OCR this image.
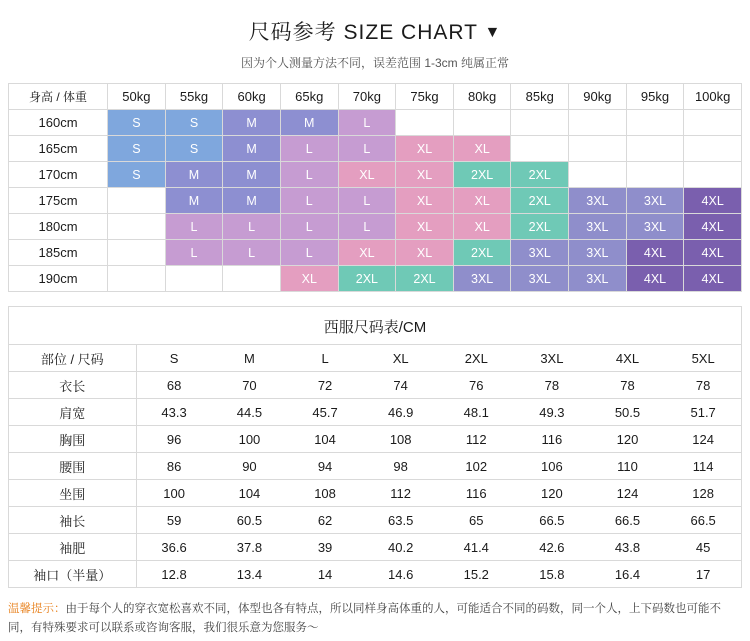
尺码参考 SIZE CHART ▼
因为个人测量方法不同，误差范围 1-3cm 纯属正常
身高 / 体重	50kg	55kg	60kg	65kg	70kg	75kg	80kg	85kg	90kg	95kg	100kg
160cm	S	S	M	M	L						
165cm	S	S	M	L	L	XL	XL				
170cm	S	M	M	L	XL	XL	2XL	2XL			
175cm		M	M	L	L	XL	XL	2XL	3XL	3XL	4XL
180cm		L	L	L	L	XL	XL	2XL	3XL	3XL	4XL
185cm		L	L	L	XL	XL	2XL	3XL	3XL	4XL	4XL
190cm				XL	2XL	2XL	3XL	3XL	3XL	4XL	4XL
西服尺码表/CM
部位 / 尺码	S	M	L	XL	2XL	3XL	4XL	5XL
衣长	68	70	72	74	76	78	78	78
肩宽	43.3	44.5	45.7	46.9	48.1	49.3	50.5	51.7
胸围	96	100	104	108	112	116	120	124
腰围	86	90	94	98	102	106	110	114
坐围	100	104	108	112	116	120	124	128
袖长	59	60.5	62	63.5	65	66.5	66.5	66.5
袖肥	36.6	37.8	39	40.2	41.4	42.6	43.8	45
袖口（半量）	12.8	13.4	14	14.6	15.2	15.8	16.4	17
温馨提示：由于每个人的穿衣宽松喜欢不同，体型也各有特点，所以同样身高体重的人，可能适合不同的码数，同一个人，上下码数也可能不同，有特殊要求可以联系或咨询客服，我们很乐意为您服务～
